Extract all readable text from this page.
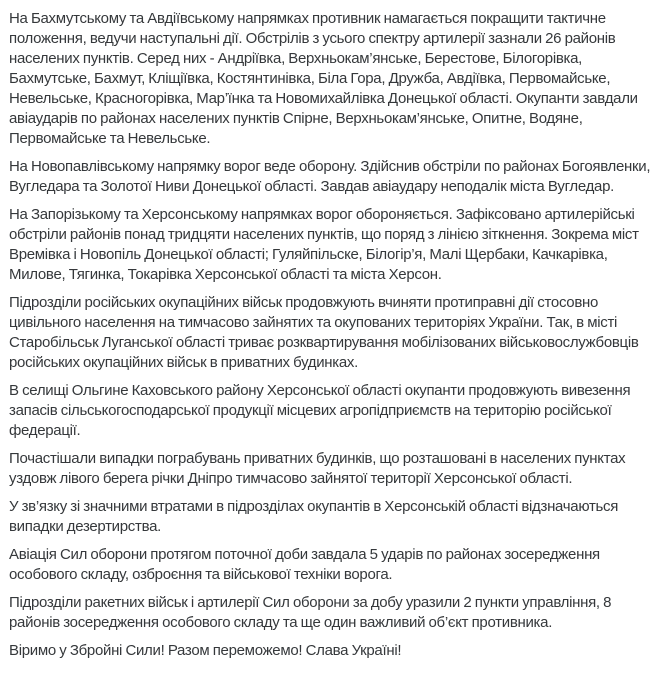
На Бахмутському та Авдіївському напрямках противник намагається покращити тактичне положення, ведучи наступальні дії. Обстрілів з усього спектру артилерії зазнали 26 районів населених пунктів. Серед них - Андріївка, Верхньокам’янське, Берестове, Білогорівка, Бахмутське, Бахмут, Кліщіївка, Костянтинівка, Біла Гора, Дружба, Авдіївка, Первомайське, Невельське, Красногорівка, Мар’їнка та Новомихайлівка Донецької області. Окупанти завдали авіаударів по районах населених пунктів Спірне, Верхньокам’янське, Опитне, Водяне, Первомайське та Невельське.

На Новопавлівському напрямку ворог веде оборону. Здійснив обстріли по районах Богоявленки, Вугледара та Золотої Ниви Донецької області. Завдав авіаудару неподалік міста Вугледар.

На Запорізькому та Херсонському напрямках ворог обороняється. Зафіксовано артилерійські обстріли районів понад тридцяти населених пунктів, що поряд з лінією зіткнення. Зокрема міст Времівка і Новопіль Донецької області; Гуляйпільске, Білогір’я, Малі Щербаки, Качкарівка, Милове, Тягинка, Токарівка Херсонської області та міста Херсон.

Підрозділи російських окупаційних військ продовжують вчиняти протиправні дії стосовно цивільного населення на тимчасово зайнятих та окупованих територіях України. Так, в місті Старобільськ Луганської області триває розквартирування мобілізованих військовослужбовців російських окупаційних військ в приватних будинках.

В селищі Ольгине Каховського району Херсонської області окупанти продовжують вивезення запасів сільськогосподарської продукції місцевих агропідприємств на територію російської федерації.

Почастішали випадки пограбувань приватних будинків, що розташовані в населених пунктах уздовж лівого берега річки Дніпро тимчасово зайнятої території Херсонської області.

У зв’язку зі значними втратами в підрозділах окупантів в Херсонській області відзначаються випадки дезертирства.

Авіація Сил оборони протягом поточної доби завдала 5 ударів по районах зосередження особового складу, озброєння та військової техніки ворога.

Підрозділи ракетних військ і артилерії Сил оборони за добу уразили 2 пункти управління, 8 районів зосередження особового складу та ще один важливий об’єкт противника.

Віримо у Збройні Сили! Разом переможемо! Слава Україні!
